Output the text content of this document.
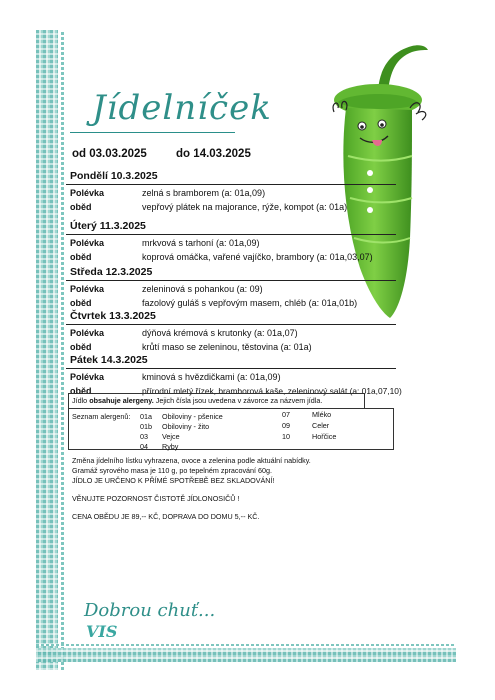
Jídelníček
od 03.03.2025	do 14.03.2025
Pondělí 10.3.2025
Polévka	zelná s bramborem (a: 01a,09)
oběd	vepřový plátek na majorance, rýže, kompot (a: 01a)
Úterý 11.3.2025
Polévka	mrkvová s tarhoní (a: 01a,09)
oběd	koprová omáčka, vařené vajíčko, brambory (a: 01a,03,07)
Středa 12.3.2025
Polévka	zeleninová s pohankou (a: 09)
oběd	fazolový guláš s vepřovým masem, chléb (a: 01a,01b)
Čtvrtek 13.3.2025
Polévka	dýňová krémová s krutonky (a: 01a,07)
oběd	krůtí maso se zeleninou, těstovina (a: 01a)
Pátek 14.3.2025
Polévka	kminová s hvězdičkami (a: 01a,09)
oběd	přírodní mletý řízek, bramborová kaše, zeleninový salát (a: 01a,07,10)
Jídlo obsahuje alergeny. Jejich čísla jsou uvedena v závorce za názvem jídla.
Seznam alergenů: 01a Obiloviny - pšenice
01b Obiloviny - žito
03 Vejce
04 Ryby
07	Mléko
09	Celer
10	Hořčice
Změna jídelního lístku vyhrazena, ovoce a zelenina podle aktuální nabídky.
Gramáž syrového masa je 110 g, po tepelném zpracování 60g.
JÍDLO JE URČENO K PŘÍMÉ SPOTŘEBĚ BEZ SKLADOVÁNÍ!
VĚNUJTE POZORNOST ČISTOTĚ JÍDLONOSIČŮ !
CENA OBĚDU JE 89,-- KČ, DOPRAVA DO DOMU 5,-- KČ.
Dobrou chuť...
VIS
